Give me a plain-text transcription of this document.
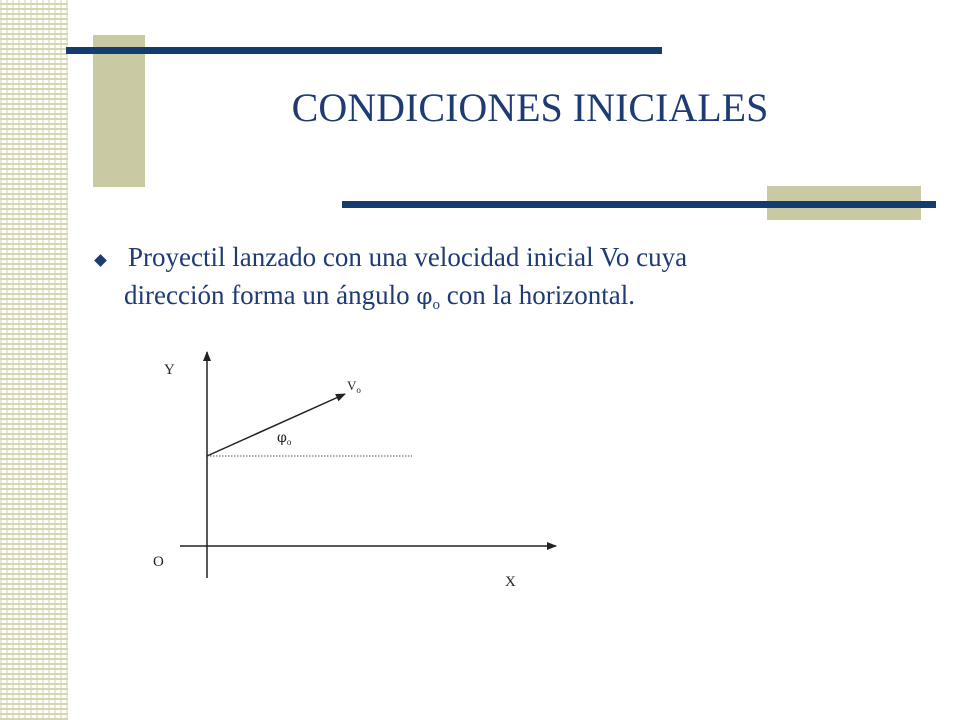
CONDICIONES INICIALES
Proyectil lanzado con una velocidad inicial Vo cuya
dirección forma un ángulo $\varphi_o$ con la horizontal.
Y
O
X
$V_o$
$\varphi_o$
